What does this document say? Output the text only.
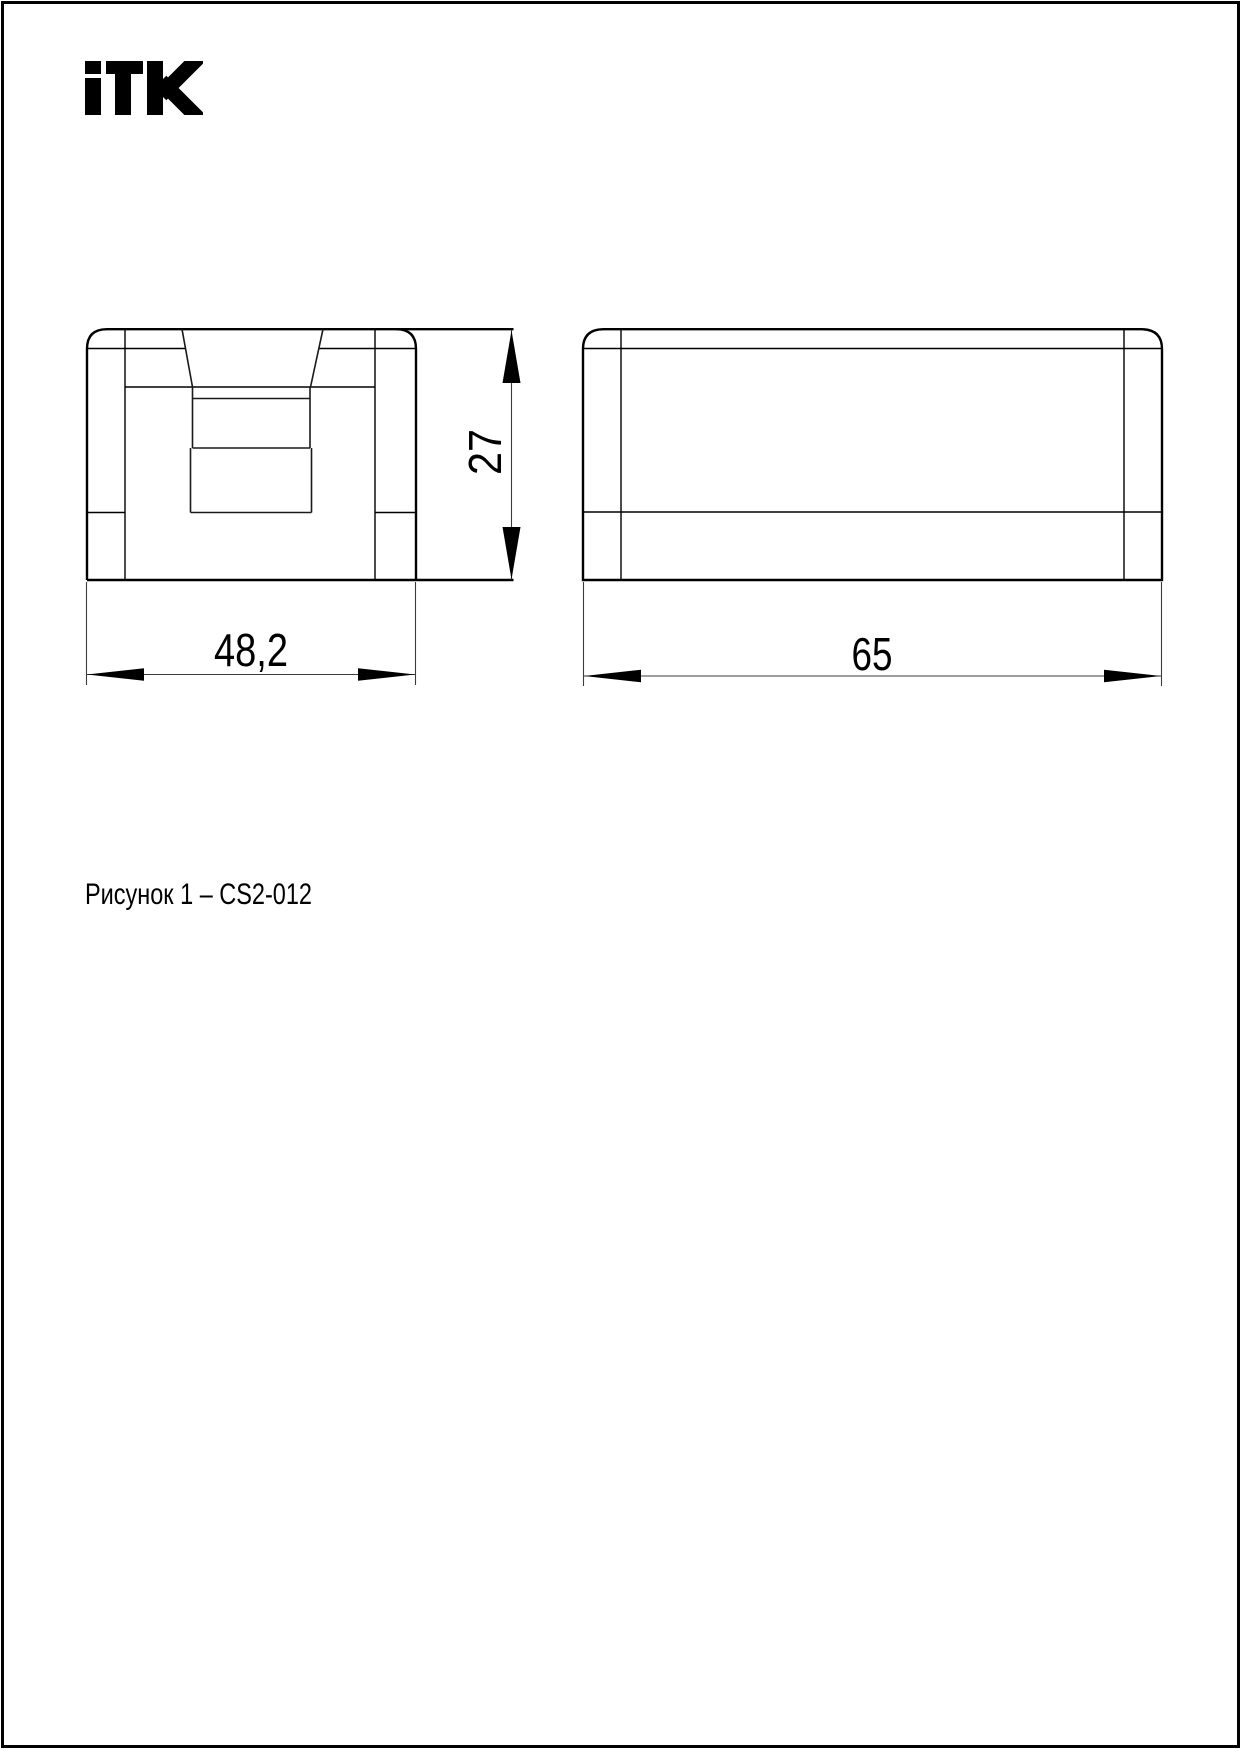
48,2
27
65
Рисунок 1 – CS2-012
